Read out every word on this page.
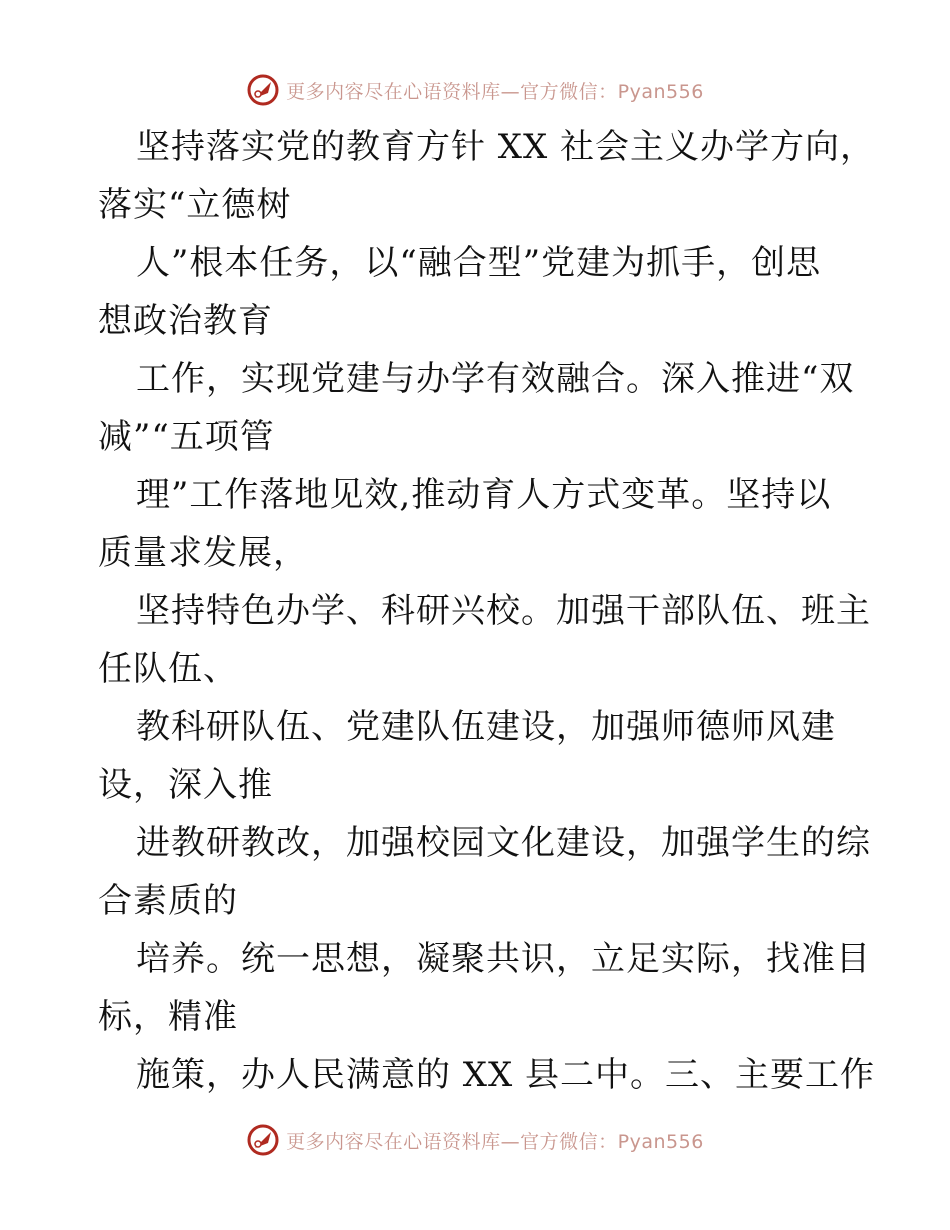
更多内容尽在心语资料库—官方微信：Pyan556
坚持落实党的教育方针 XX 社会主义办学方向，
落实“立德树
人”根本任务，以“融合型”党建为抓手，创思
想政治教育
工作，实现党建与办学有效融合。深入推进“双
减”“五项管
理”工作落地见效,推动育人方式变革。坚持以
质量求发展，
坚持特色办学、科研兴校。加强干部队伍、班主
任队伍、
教科研队伍、党建队伍建设，加强师德师风建
设，深入推
进教研教改，加强校园文化建设，加强学生的综
合素质的
培养。统一思想，凝聚共识，立足实际，找准目
标，精准
施策，办人民满意的 XX 县二中。三、主要工作
更多内容尽在心语资料库—官方微信：Pyan556
